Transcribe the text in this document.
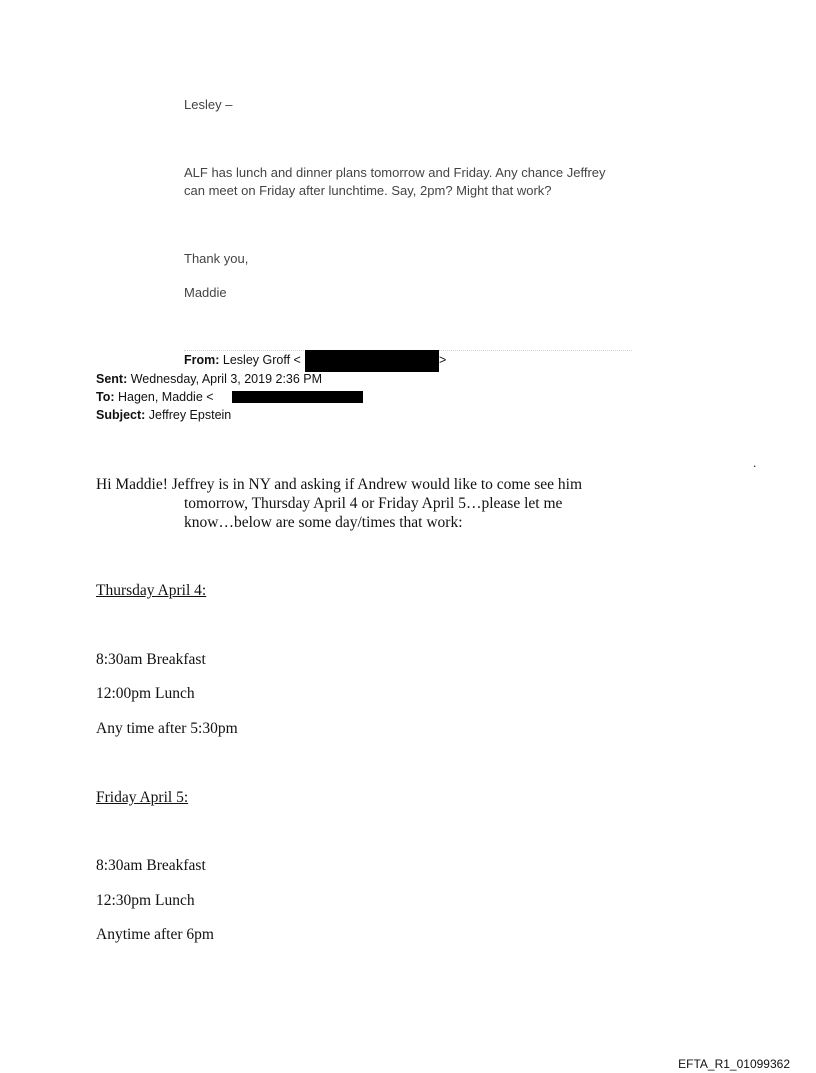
Lesley –
ALF has lunch and dinner plans tomorrow and Friday. Any chance Jeffrey
can meet on Friday after lunchtime. Say, 2pm? Might that work?
Thank you,
Maddie
From: Lesley Groff <	>
Sent: Wednesday, April 3, 2019 2:36 PM
To: Hagen, Maddie <
Subject: Jeffrey Epstein
Hi Maddie! Jeffrey is in NY and asking if Andrew would like to come see him
tomorrow, Thursday April 4 or Friday April 5…please let me
know…below are some day/times that work:
.
Thursday April 4:
8:30am Breakfast
12:00pm Lunch
Any time after 5:30pm
Friday April 5:
8:30am Breakfast
12:30pm Lunch
Anytime after 6pm
EFTA_R1_01099362
